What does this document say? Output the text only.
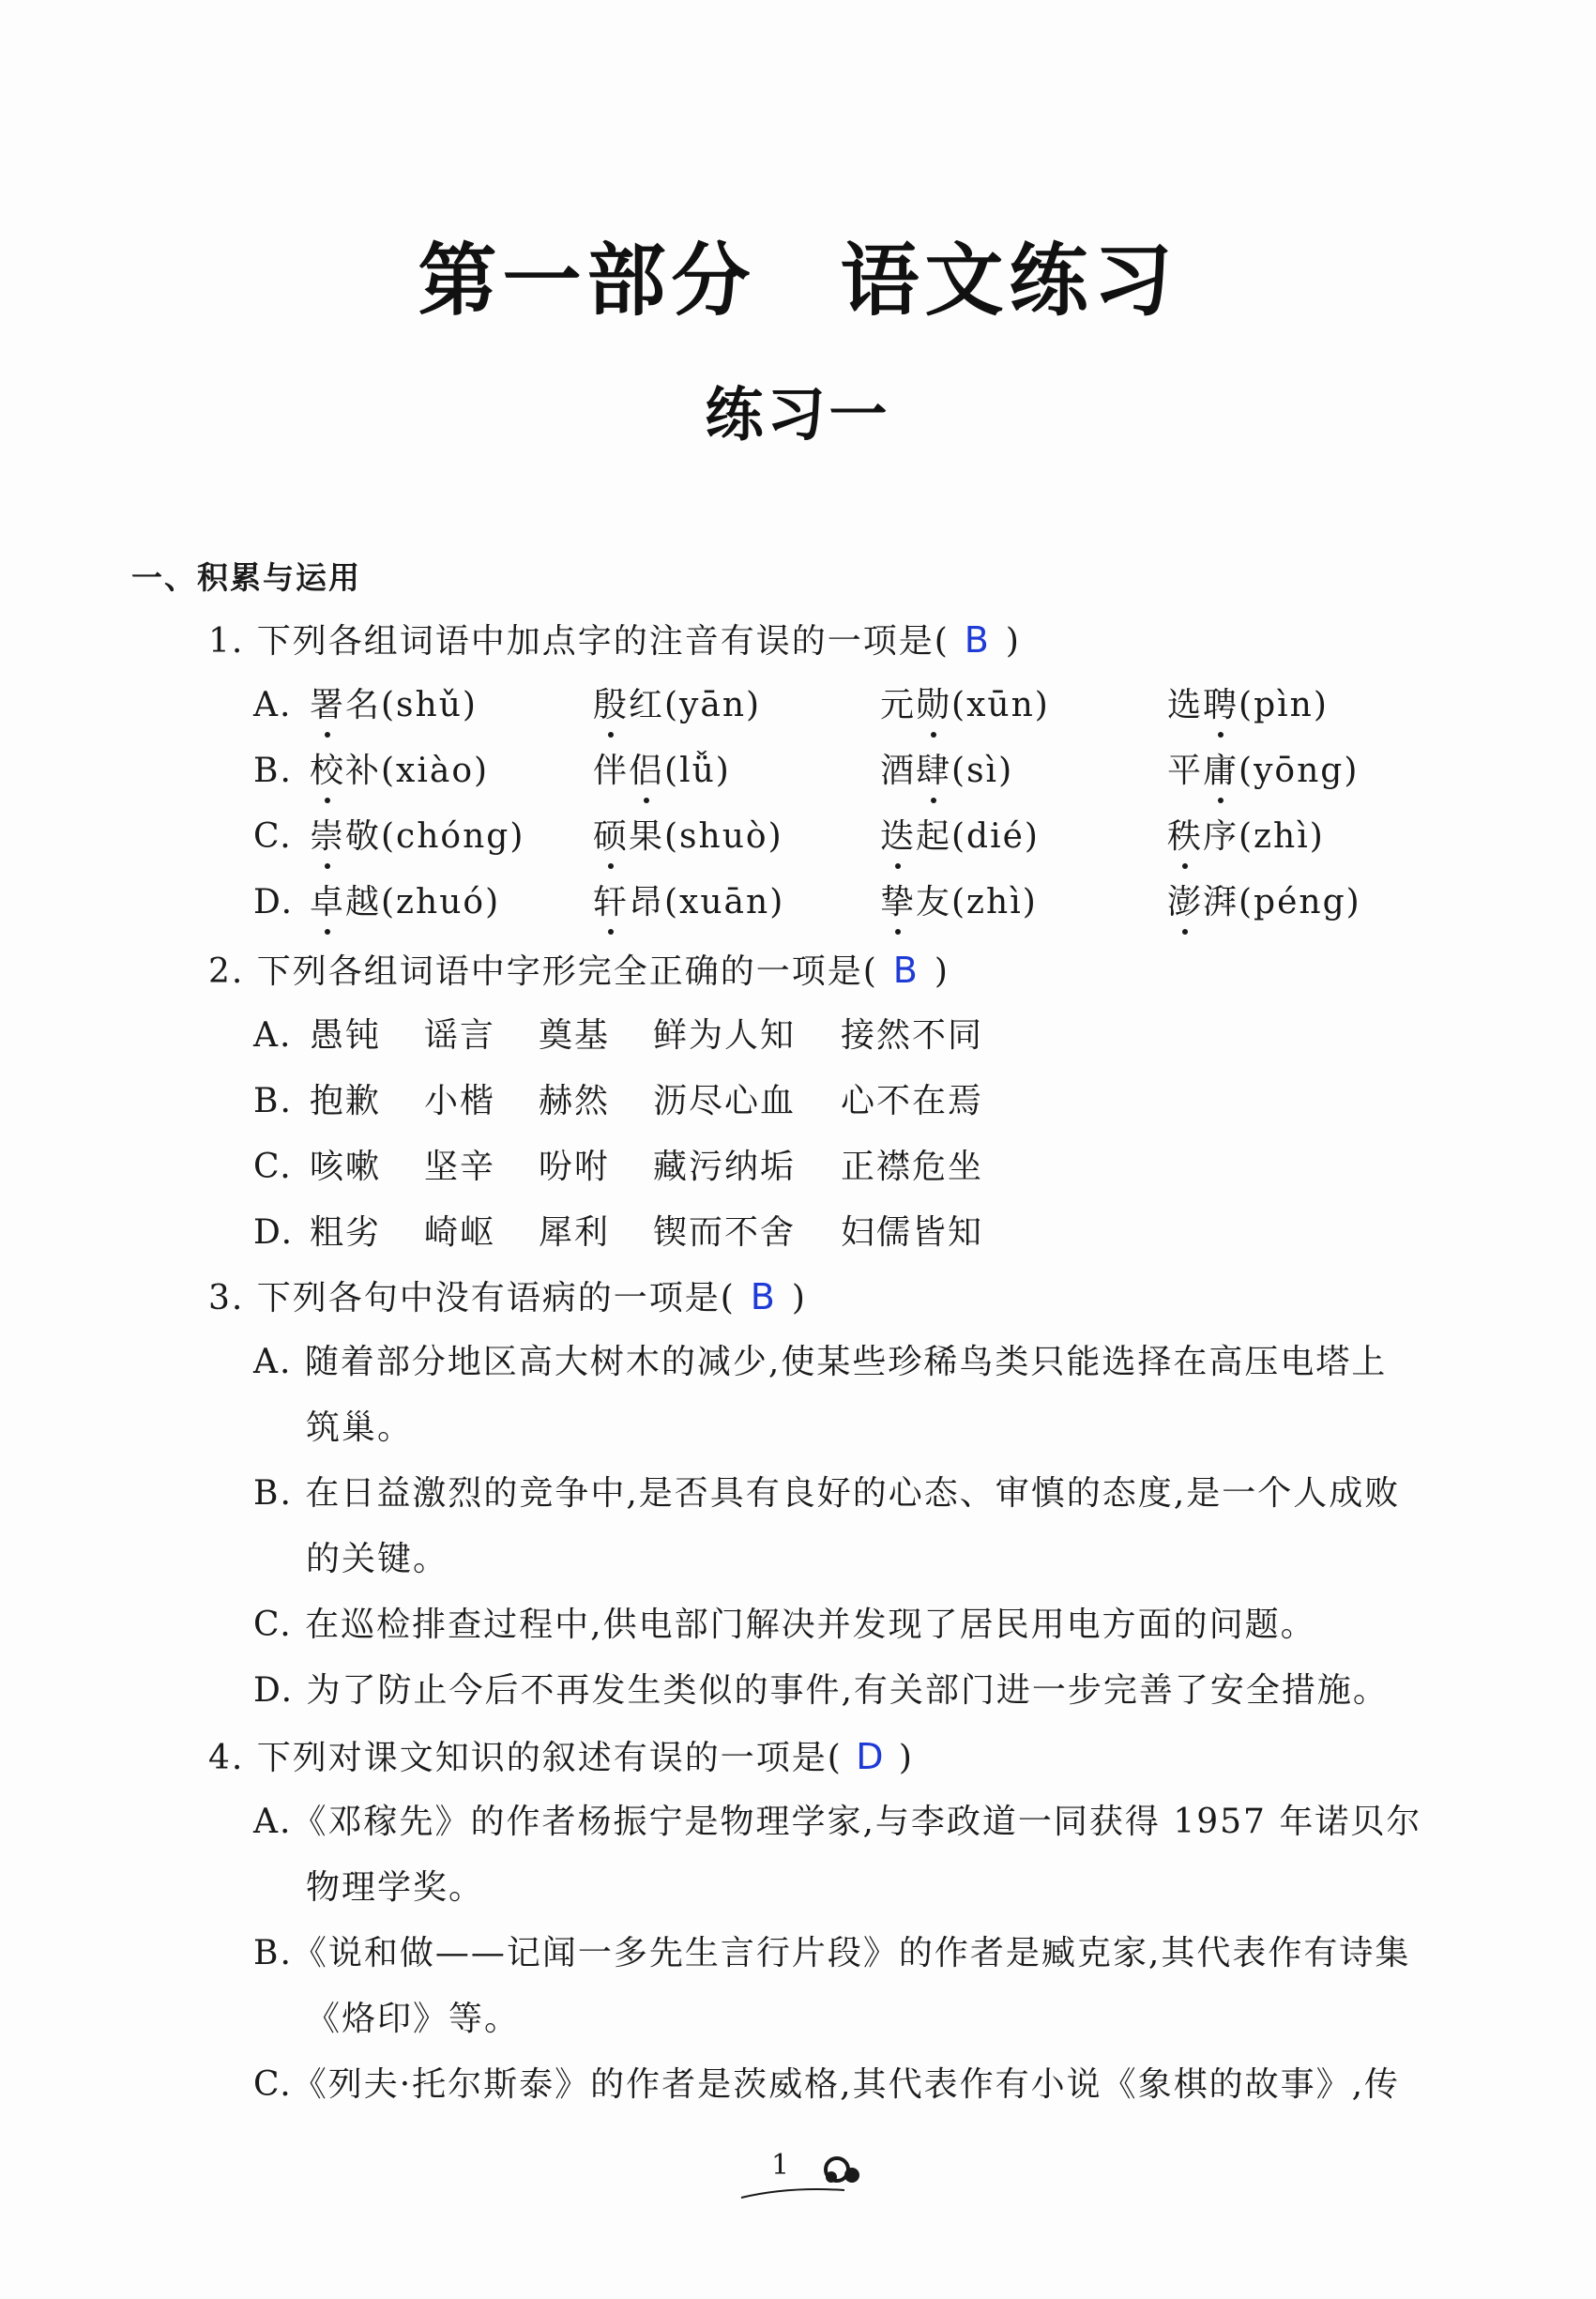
第一部分 语文练习
练习一
一、积累与运用
1. 下列各组词语中加点字的注音有误的一项是( B )
A. 署名(shǔ)	殷红(yān)	元勋(xūn)	选聘(pìn)
B. 校补(xiào)	伴侣(lǚ)	酒肆(sì)	平庸(yōng)
C. 崇敬(chóng) 硕果(shuò)	迭起(dié)	秩序(zhì)
D. 卓越(zhuó)	轩昂(xuān)	挚友(zhì)	澎湃(péng)
2. 下列各组词语中字形完全正确的一项是( B )
A. 愚钝 谣言 奠基 鲜为人知 接然不同
B. 抱歉 小楷 赫然 沥尽心血 心不在焉
C. 咳嗽 坚辛 吩咐 藏污纳垢 正襟危坐
D. 粗劣 崎岖 犀利 锲而不舍 妇儒皆知
3. 下列各句中没有语病的一项是( B )
A. 随着部分地区高大树木的减少,使某些珍稀鸟类只能选择在高压电塔上
筑巢。
B. 在日益激烈的竞争中,是否具有良好的心态、审慎的态度,是一个人成败
的关键。
C. 在巡检排查过程中,供电部门解决并发现了居民用电方面的问题。
D. 为了防止今后不再发生类似的事件,有关部门进一步完善了安全措施。
4. 下列对课文知识的叙述有误的一项是( D )
A.《邓稼先》的作者杨振宁是物理学家,与李政道一同获得 1957 年诺贝尔
物理学奖。
B.《说和做——记闻一多先生言行片段》的作者是臧克家,其代表作有诗集
《烙印》等。
C.《列夫·托尔斯泰》的作者是茨威格,其代表作有小说《象棋的故事》,传
1
